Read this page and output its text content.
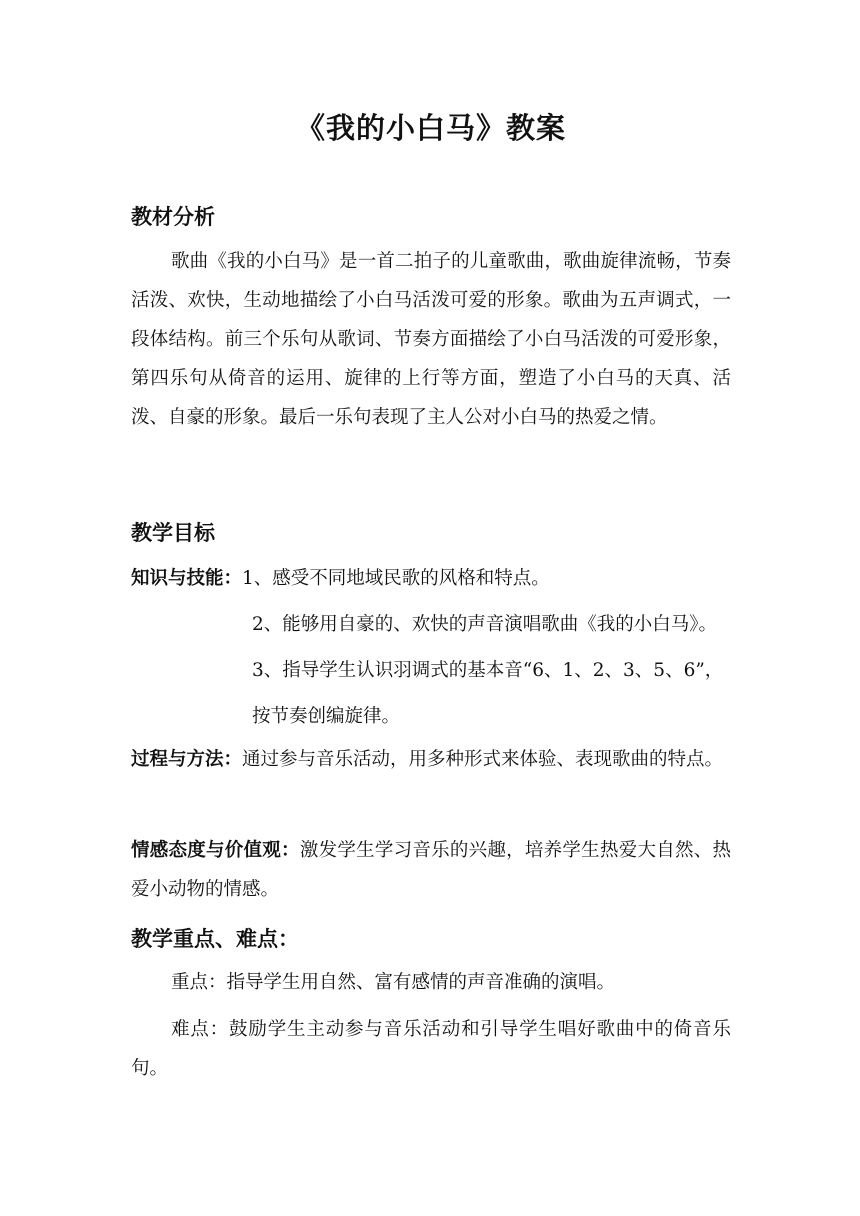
《我的小白马》教案
教材分析
歌曲《我的小白马》是一首二拍子的儿童歌曲，歌曲旋律流畅，节奏活泼、欢快，生动地描绘了小白马活泼可爱的形象。歌曲为五声调式，一段体结构。前三个乐句从歌词、节奏方面描绘了小白马活泼的可爱形象，第四乐句从倚音的运用、旋律的上行等方面，塑造了小白马的天真、活泼、自豪的形象。最后一乐句表现了主人公对小白马的热爱之情。
教学目标
知识与技能：1、感受不同地域民歌的风格和特点。
2、能够用自豪的、欢快的声音演唱歌曲《我的小白马》。
3、指导学生认识羽调式的基本音“6、1、2、3、5、6”，
按节奏创编旋律。
过程与方法：通过参与音乐活动，用多种形式来体验、表现歌曲的特点。
情感态度与价值观：激发学生学习音乐的兴趣，培养学生热爱大自然、热爱小动物的情感。
教学重点、难点：
重点：指导学生用自然、富有感情的声音准确的演唱。
难点：鼓励学生主动参与音乐活动和引导学生唱好歌曲中的倚音乐句。
